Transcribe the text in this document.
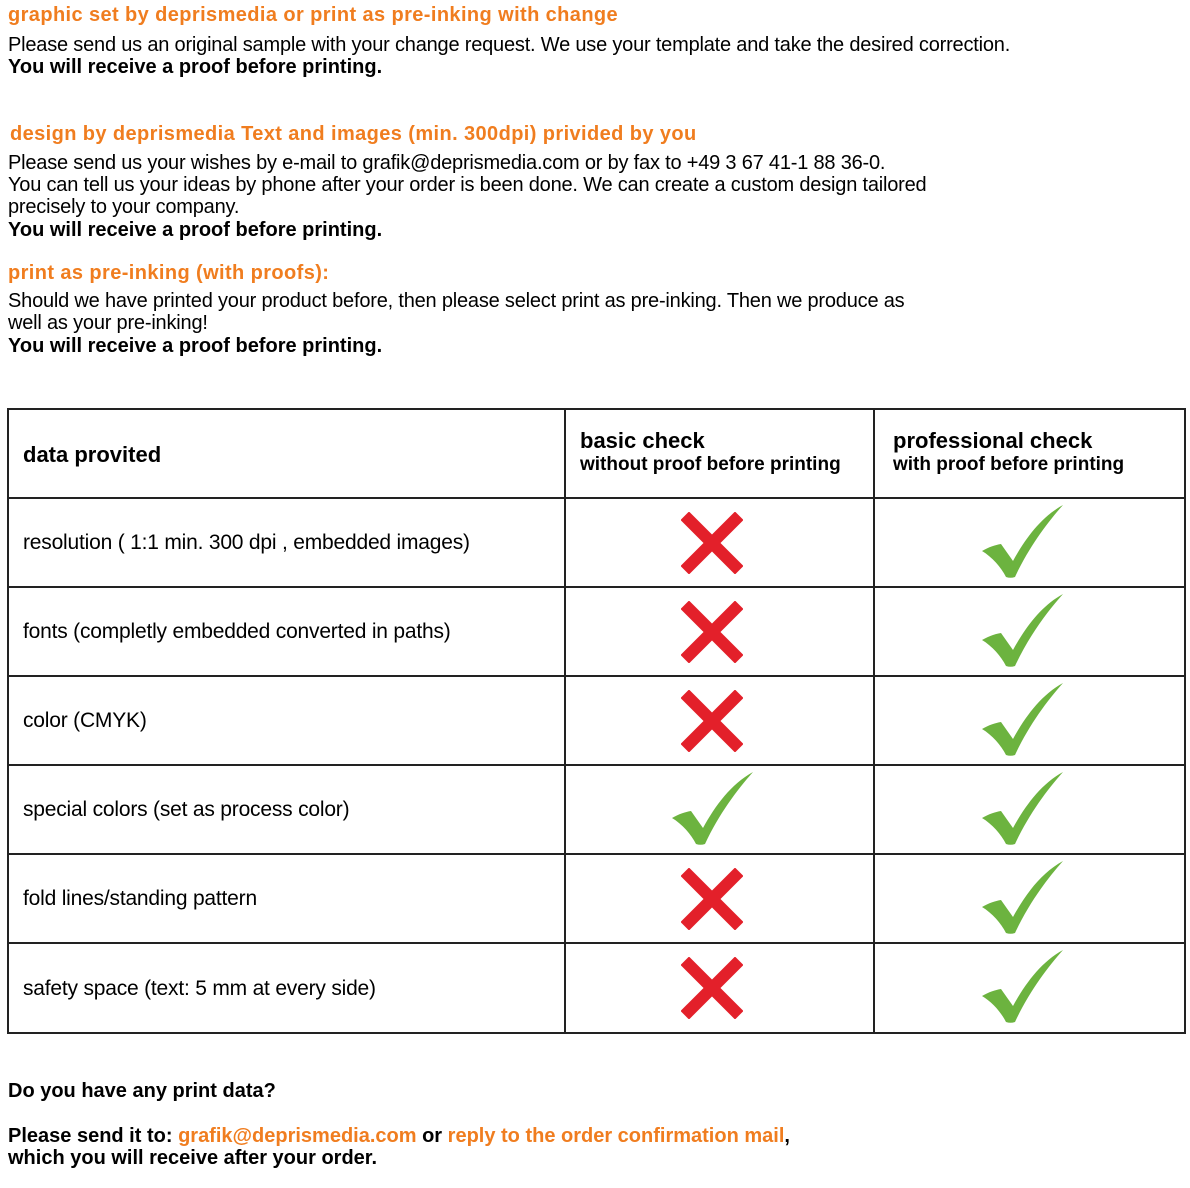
graphic set by deprismedia or print as pre-inking with change
Please send us an original sample with your change request. We use your template and take the desired correction.
You will receive a proof before printing.
design by deprismedia Text and images (min. 300dpi) privided by you
Please send us your wishes by e-mail to grafik@deprismedia.com or by fax to +49 3 67 41-1 88 36-0.
You can tell us your ideas by phone after your order is been done. We can create a custom design tailored
precisely to your company.
You will receive a proof before printing.
print as pre-inking (with proofs):
Should we have printed your product before, then please select print as pre-inking. Then we produce as
well as your pre-inking!
You will receive a proof before printing.
data provited
basic check
without proof before printing
professional check
with proof before printing
resolution ( 1:1 min. 300 dpi , embedded images)
fonts (completly embedded converted in paths)
color (CMYK)
special colors (set as process color)
fold lines/standing pattern
safety space (text: 5 mm at every side)
Do you have any print data?
Please send it to: grafik@deprismedia.com or reply to the order confirmation mail,
which you will receive after your order.
